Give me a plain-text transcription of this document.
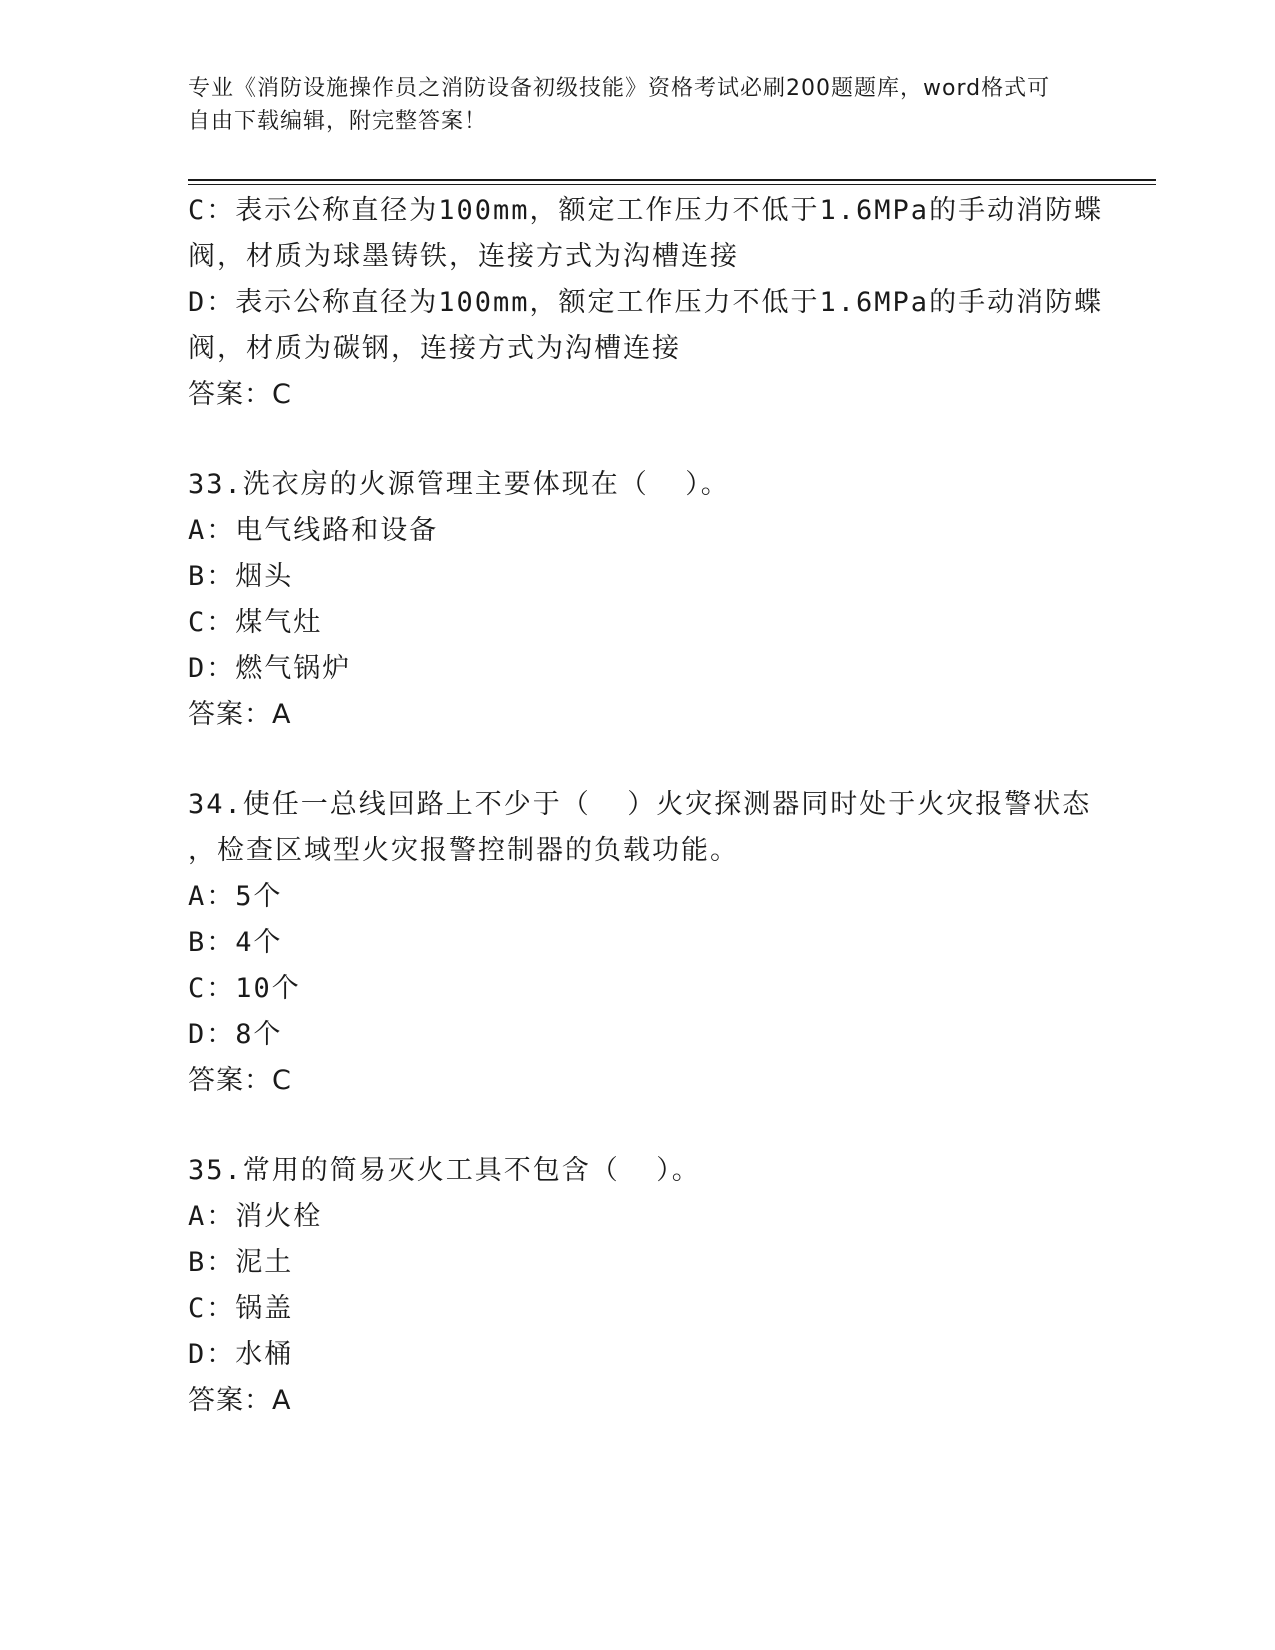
专业《消防设施操作员之消防设备初级技能》资格考试必刷200题题库，word格式可自由下载编辑，附完整答案！
C：表示公称直径为100mm，额定工作压力不低于1.6MPa的手动消防蝶
阀，材质为球墨铸铁，连接方式为沟槽连接
D：表示公称直径为100mm，额定工作压力不低于1.6MPa的手动消防蝶
阀，材质为碳钢，连接方式为沟槽连接
答案：C
33.洗衣房的火源管理主要体现在（  ）。
A：电气线路和设备
B：烟头
C：煤气灶
D：燃气锅炉
答案：A
34.使任一总线回路上不少于（  ）火灾探测器同时处于火灾报警状态
，检查区域型火灾报警控制器的负载功能。
A：5个
B：4个
C：10个
D：8个
答案：C
35.常用的简易灭火工具不包含（  ）。
A：消火栓
B：泥土
C：锅盖
D：水桶
答案：A
